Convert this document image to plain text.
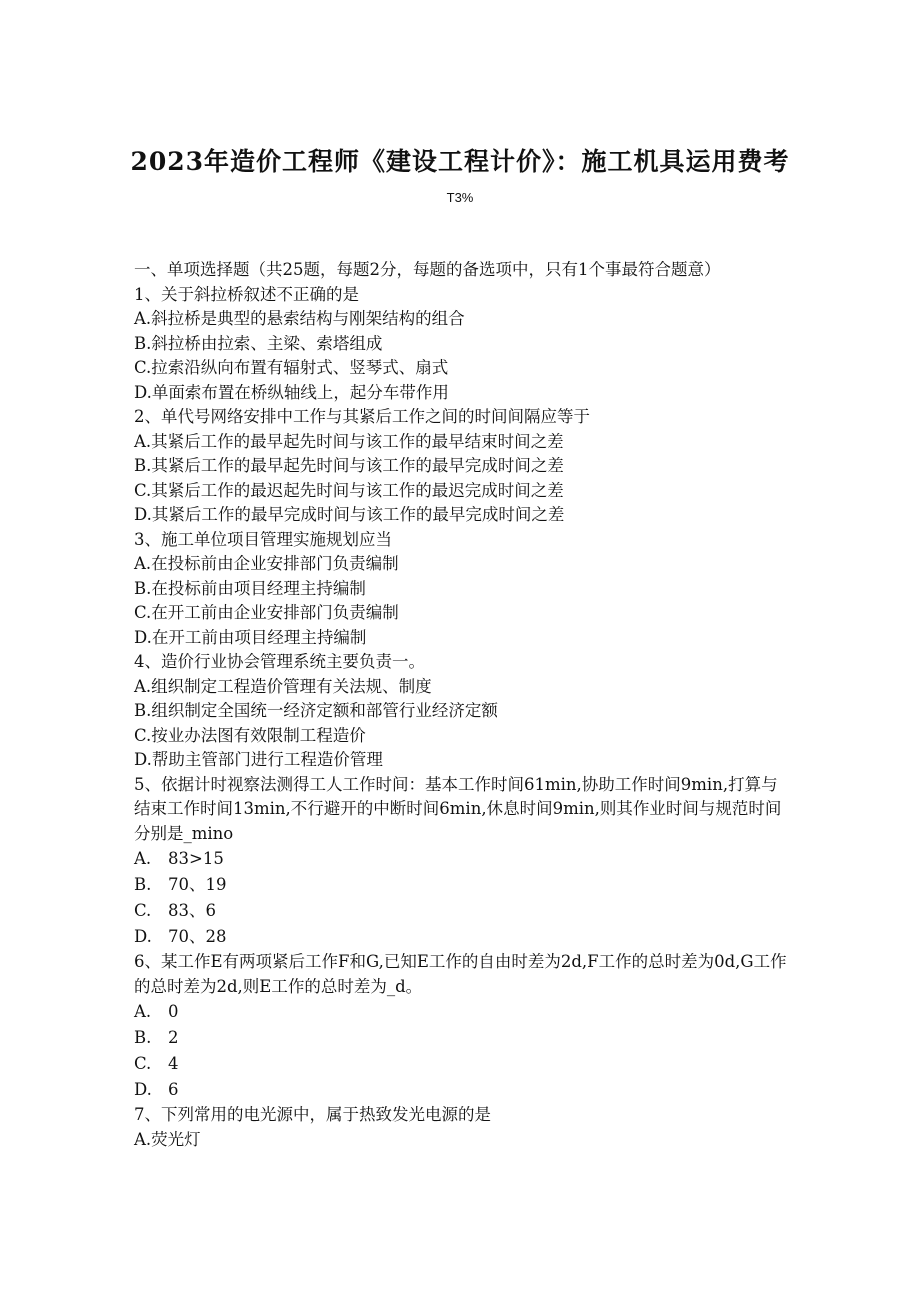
2023年造价工程师《建设工程计价》：施工机具运用费考
T3%
一、单项选择题（共25题，每题2分，每题的备选项中，只有1个事最符合题意）
1、关于斜拉桥叙述不正确的是
A.斜拉桥是典型的悬索结构与刚架结构的组合
B.斜拉桥由拉索、主梁、索塔组成
C.拉索沿纵向布置有辐射式、竖琴式、扇式
D.单面索布置在桥纵轴线上，起分车带作用
2、单代号网络安排中工作与其紧后工作之间的时间间隔应等于
A.其紧后工作的最早起先时间与该工作的最早结束时间之差
B.其紧后工作的最早起先时间与该工作的最早完成时间之差
C.其紧后工作的最迟起先时间与该工作的最迟完成时间之差
D.其紧后工作的最早完成时间与该工作的最早完成时间之差
3、施工单位项目管理实施规划应当
A.在投标前由企业安排部门负责编制
B.在投标前由项目经理主持编制
C.在开工前由企业安排部门负责编制
D.在开工前由项目经理主持编制
4、造价行业协会管理系统主要负责一。
A.组织制定工程造价管理有关法规、制度
B.组织制定全国统一经济定额和部管行业经济定额
C.按业办法图有效限制工程造价
D.帮助主管部门进行工程造价管理
5、依据计时视察法测得工人工作时间：基本工作时间61min,协助工作时间9min,打算与结束工作时间13min,不行避开的中断时间6min,休息时间9min,则其作业时间与规范时间分别是_mino
A. 83>15
B. 70、19
C. 83、6
D. 70、28
6、某工作E有两项紧后工作F和G,已知E工作的自由时差为2d,F工作的总时差为0d,G工作的总时差为2d,则E工作的总时差为_d。
A. 0
B. 2
C. 4
D. 6
7、下列常用的电光源中，属于热致发光电源的是
A.荧光灯
